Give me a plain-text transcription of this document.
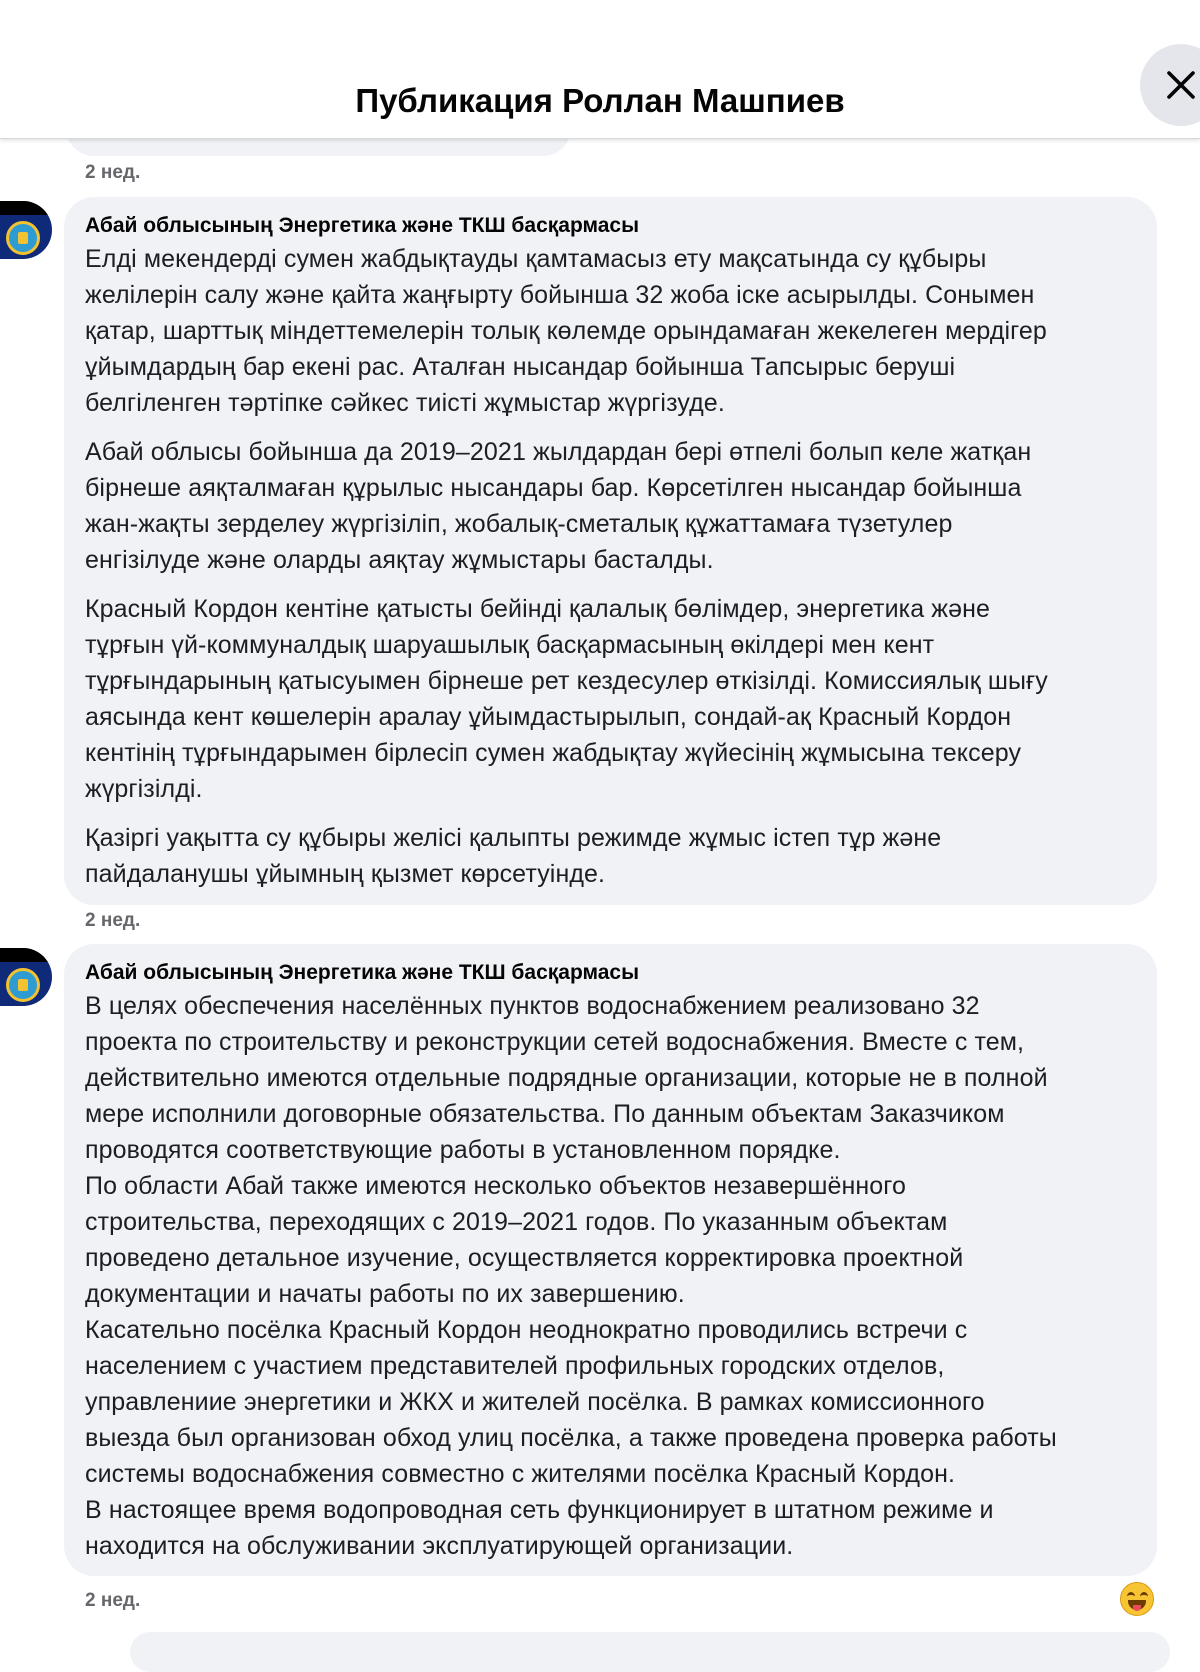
Публикация Роллан Машпиев
2 нед.
Абай облысының Энергетика және ТКШ басқармасы

Елді мекендерді сумен жабдықтауды қамтамасыз ету мақсатында су құбыры
желілерін салу және қайта жаңғырту бойынша 32 жоба іске асырылды. Сонымен
қатар, шарттық міндеттемелерін толық көлемде орындамаған жекелеген мердігер
ұйымдардың бар екені рас. Аталған нысандар бойынша Тапсырыс беруші
белгіленген тәртіпке сәйкес тиісті жұмыстар жүргізуде.

Абай облысы бойынша да 2019–2021 жылдардан бері өтпелі болып келе жатқан
бірнеше аяқталмаған құрылыс нысандары бар. Көрсетілген нысандар бойынша
жан-жақты зерделеу жүргізіліп, жобалық-сметалық құжаттамаға түзетулер
енгізілуде және оларды аяқтау жұмыстары басталды.

Красный Кордон кентіне қатысты бейінді қалалық бөлімдер, энергетика және
тұрғын үй-коммуналдық шаруашылық басқармасының өкілдері мен кент
тұрғындарының қатысуымен бірнеше рет кездесулер өткізілді. Комиссиялық шығу
аясында кент көшелерін аралау ұйымдастырылып, сондай-ақ Красный Кордон
кентінің тұрғындарымен бірлесіп сумен жабдықтау жүйесінің жұмысына тексеру
жүргізілді.

Қазіргі уақытта су құбыры желісі қалыпты режимде жұмыс істеп тұр және
пайдаланушы ұйымның қызмет көрсетуінде.

2 нед.
Абай облысының Энергетика және ТКШ басқармасы

В целях обеспечения населённых пунктов водоснабжением реализовано 32
проекта по строительству и реконструкции сетей водоснабжения. Вместе с тем,
действительно имеются отдельные подрядные организации, которые не в полной
мере исполнили договорные обязательства. По данным объектам Заказчиком
проводятся соответствующие работы в установленном порядке.

По области Абай также имеются несколько объектов незавершённого
строительства, переходящих с 2019–2021 годов. По указанным объектам
проведено детальное изучение, осуществляется корректировка проектной
документации и начаты работы по их завершению.

Касательно посёлка Красный Кордон неоднократно проводились встречи с
населением с участием представителей профильных городских отделов,
управлениие энергетики и ЖКХ и жителей посёлка. В рамках комиссионного
выезда был организован обход улиц посёлка, а также проведена проверка работы
системы водоснабжения совместно с жителями посёлка Красный Кордон.

В настоящее время водопроводная сеть функционирует в штатном режиме и
находится на обслуживании эксплуатирующей организации.

2 нед.
